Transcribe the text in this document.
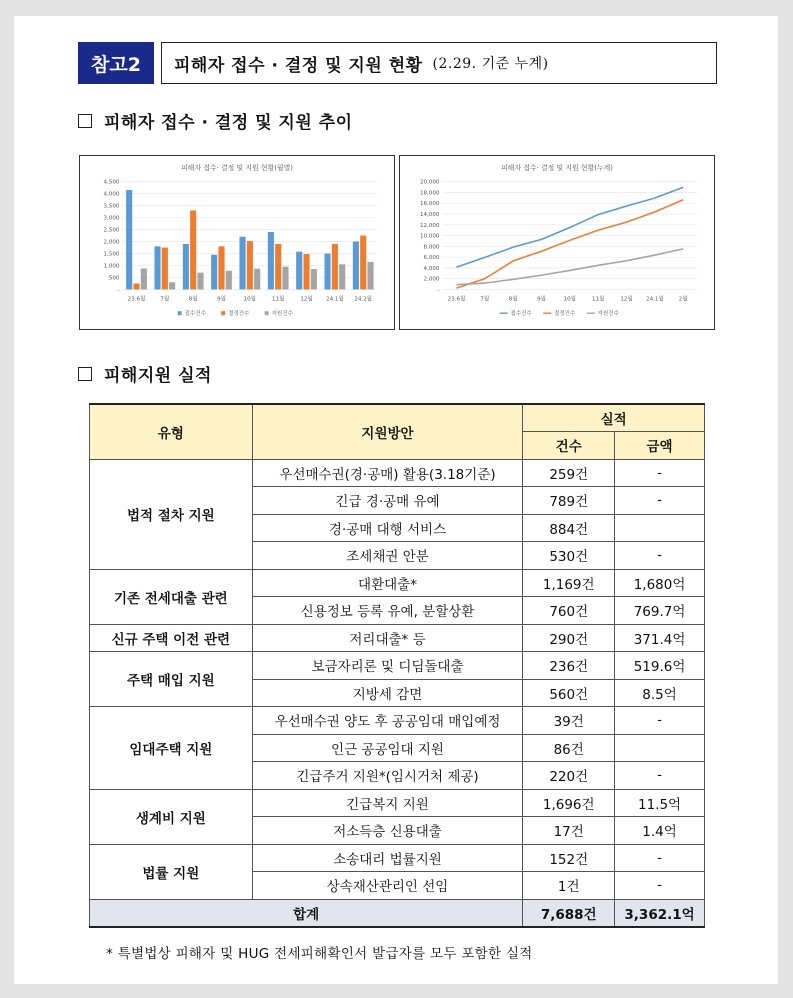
참고2	피해자 접수 · 결정 및 지원 현황 (2.29. 기준 누계)
피해자 접수 · 결정 및 지원 추이
피해자 접수· 결정 및 지원 현황(월별)
4,500
4,000
3,500
3,000
2,500
2,000
1,500
1,000
500
-
23.6월	7월	8월	9월	10월	11월	12월 24.1월 24.2월
접수건수	결정건수	지원건수
피해자 접수· 결정 및 지원 현황(누계)
20,000
18,000
16,000
14,000
12,000
10,000
8,000
6,000
4,000
2,000
-
23.6월	7월	8월	9월	10월	11월	12월 24.1월	2월
접수건수	결정건수	지원건수
피해지원 실적
유형	지원방안	실적	
		건수	금액
법적 절차 지원	우선매수권(경·공매) 활용(3.18기준)	259건	-
	긴급 경·공매 유예	789건	-
	경·공매 대행 서비스	884건	
	조세채권 안분	530건	-
기존 전세대출 관련	대환대출*	1,169건	1,680억
	신용정보 등록 유예, 분할상환	760건	769.7억
신규 주택 이전 관련	저리대출* 등	290건	371.4억
주택 매입 지원	보금자리론 및 디딤돌대출	236건	519.6억
	지방세 감면	560건	8.5억
임대주택 지원	우선매수권 양도 후 공공임대 매입예정	39건	-
	인근 공공임대 지원	86건	
	긴급주거 지원*(임시거처 제공)	220건	-
생계비 지원	긴급복지 지원	1,696건	11.5억
	저소득층 신용대출	17건	1.4억
법률 지원	소송대리 법률지원	152건	-
	상속재산관리인 선임	1건	-
합계		7,688건	3,362.1억
* 특별법상 피해자 및 HUG 전세피해확인서 발급자를 모두 포함한 실적
